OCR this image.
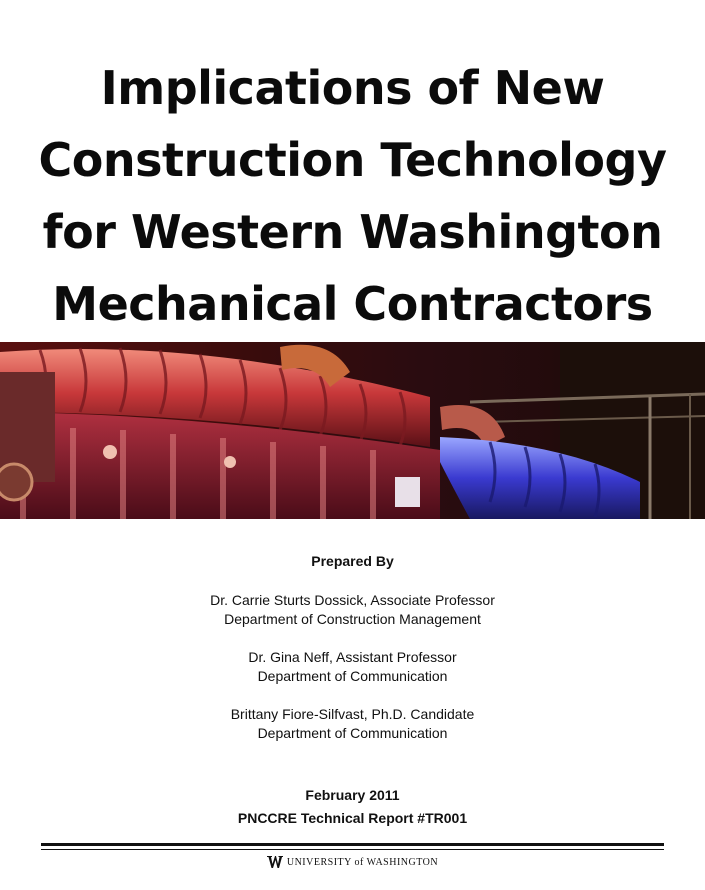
Implications of New
Construction Technology
for Western Washington
Mechanical Contractors
Prepared By
Dr. Carrie Sturts Dossick, Associate Professor
Department of Construction Management
Dr. Gina Neff, Assistant Professor
Department of Communication
Brittany Fiore-Silfvast, Ph.D. Candidate
Department of Communication
February 2011
PNCCRE Technical Report #TR001
UNIVERSITY of WASHINGTON
